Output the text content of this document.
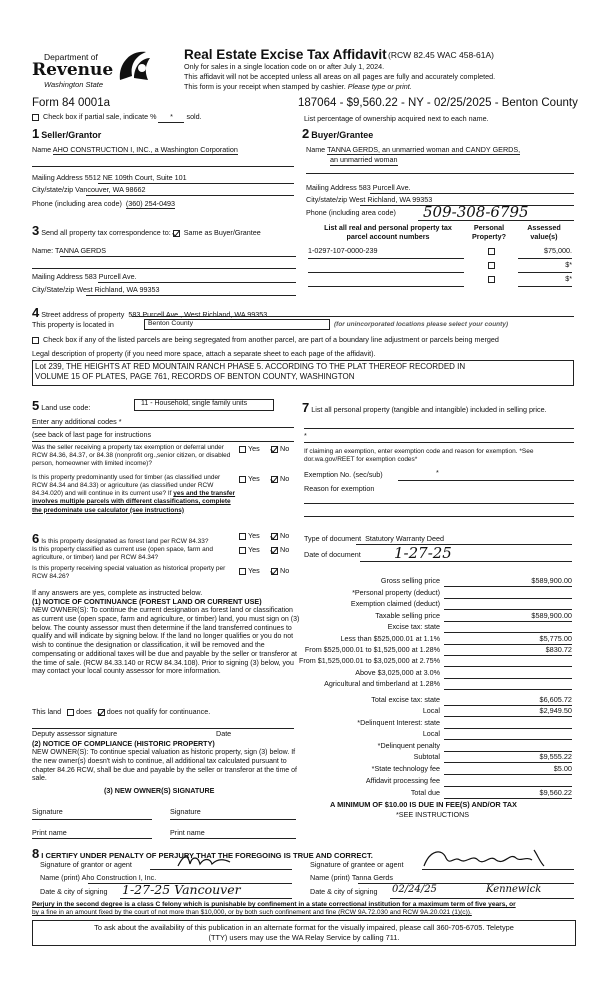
Department of
Revenue
Washington State
Real Estate Excise Tax Affidavit (RCW 82.45 WAC 458-61A)
Only for sales in a single location code on or after July 1, 2024.
This affidavit will not be accepted unless all areas on all pages are fully and accurately completed.
This form is your receipt when stamped by cashier. Please type or print.
Form 84 0001a	187064 - $9,560.22 - NY - 02/25/2025 - Benton County
Check box if partial sale, indicate % * sold.	List percentage of ownership acquired next to each name.
1 Seller/Grantor
Name AHO CONSTRUCTION I, INC., a Washington Corporation
Mailing Address 5512 NE 109th Court, Suite 101
City/state/zip Vancouver, WA 98662
Phone (including area code) (360) 254-0493
2 Buyer/Grantee
Name TANNA GERDS, an unmarried woman and CANDY GERDS,
an unmarried woman
Mailing Address 583 Purcell Ave.
City/state/zip West Richland, WA 99353
Phone (including area code) 509-308-6795
3 Send all property tax correspondence to: Same as Buyer/Grantee
Name: TANNA GERDS
Mailing Address 583 Purcell Ave.
City/State/zip West Richland, WA 99353
List all real and personal property tax
parcel account numbers
Personal
Property?
Assessed
value(s)
1-0297-107-0000-239	$75,000.
$*
$*
4 Street address of property 583 Purcell Ave., West Richland, WA 99353
This property is located in	Benton County	(for unincorporated locations please select your county)
Check box if any of the listed parcels are being segregated from another parcel, are part of a boundary line adjustment or parcels being merged
Legal description of property (if you need more space, attach a separate sheet to each page of the affidavit).
Lot 239, THE HEIGHTS AT RED MOUNTAIN RANCH PHASE 5. ACCORDING TO THE PLAT THEREOF RECORDED IN
VOLUME 15 OF PLATES, PAGE 761, RECORDS OF BENTON COUNTY, WASHINGTON
5 Land use code:	11 - Household, single family units
Enter any additional codes *
(see back of last page for instructions
Was the seller receiving a property tax exemption or deferral under RCW 84.36, 84.37, or 84.38 (nonprofit org.,senior citizen, or disabled person, homeowner with limited income)?
Yes	No
Is this property predominantly used for timber (as classified under RCW 84.34 and 84.33) or agriculture (as classified under RCW 84.34.020) and will continue in its current use? If yes and the transfer involves multiple parcels with different classifications, complete the predominate use calculator (see instructions)
Yes	No
7 List all personal property (tangible and intangible) included in selling price.
*
If claiming an exemption, enter exemption code and reason for exemption. *See dor.wa.gov/REET for exemption codes*
Exemption No. (sec/sub)	*
Reason for exemption
6 Is this property designated as forest land per RCW 84.33?
Yes	No
Is this property classified as current use (open space, farm and agriculture, or timber) land per RCW 84.34?
Yes	No
Is this property receiving special valuation as historical property per RCW 84.26?
Yes	No
If any answers are yes, complete as instructed below.
(1) NOTICE OF CONTINUANCE (FOREST LAND OR CURRENT USE)
NEW OWNER(S): To continue the current designation as forest land or classification as current use (open space, farm and agriculture, or timber) land, you must sign on (3) below. The county assessor must then determine if the land transferred continues to qualify and will indicate by signing below. If the land no longer qualifies or you do not wish to continue the designation or classification, it will be removed and the compensating or additional taxes will be due and payable by the seller or transferor at the time of sale. (RCW 84.33.140 or RCW 84.34.108). Prior to signing (3) below, you may contact your local county assessor for more information.
This land does does not qualify for continuance.
Deputy assessor signature	Date
(2) NOTICE OF COMPLIANCE (HISTORIC PROPERTY)
NEW OWNER(S): To continue special valuation as historic property, sign (3) below. If the new owner(s) doesn't wish to continue, all additional tax calculated pursuant to chapter 84.26 RCW, shall be due and payable by the seller or transferor at the time of sale.
(3) NEW OWNER(S) SIGNATURE
Signature	Signature
Print name	Print name
Type of document Statutory Warranty Deed
Date of document 1-27-25
Gross selling price	$589,900.00
*Personal property (deduct)
Exemption claimed (deduct)
Taxable selling price	$589,900.00
Excise tax: state
Less than $525,000.01 at 1.1%	$5,775.00
From $525,000.01 to $1,525,000 at 1.28%	$830.72
From $1,525,000.01 to $3,025,000 at 2.75%
Above $3,025,000 at 3.0%
Agricultural and timberland at 1.28%
Total excise tax: state	$6,605.72
Local	$2,949.50
*Delinquent Interest: state
Local
*Delinquent penalty
Subtotal	$9,555.22
*State technology fee	$5.00
Affidavit processing fee
Total due	$9,560.22
A MINIMUM OF $10.00 IS DUE IN FEE(S) AND/OR TAX
*SEE INSTRUCTIONS
8 I CERTIFY UNDER PENALTY OF PERJURY THAT THE FOREGOING IS TRUE AND CORRECT.
Signature of grantor or agent	Signature of grantee or agent
Name (print) Aho Construction I, Inc.	Name (print) Tanna Gerds
Date & city of signing 1-27-25 Vancouver	Date & city of signing 02/24/25	Kennewick
Perjury in the second degree is a class C felony which is punishable by confinement in a state correctional institution for a maximum term of five years, or
by a fine in an amount fixed by the court of not more than $10,000, or by both such confinement and fine (RCW 9A.72.030 and RCW 9A.20.021 (1)(c)).
To ask about the availability of this publication in an alternate format for the visually impaired, please call 360-705-6705. Teletype
(TTY) users may use the WA Relay Service by calling 711.
